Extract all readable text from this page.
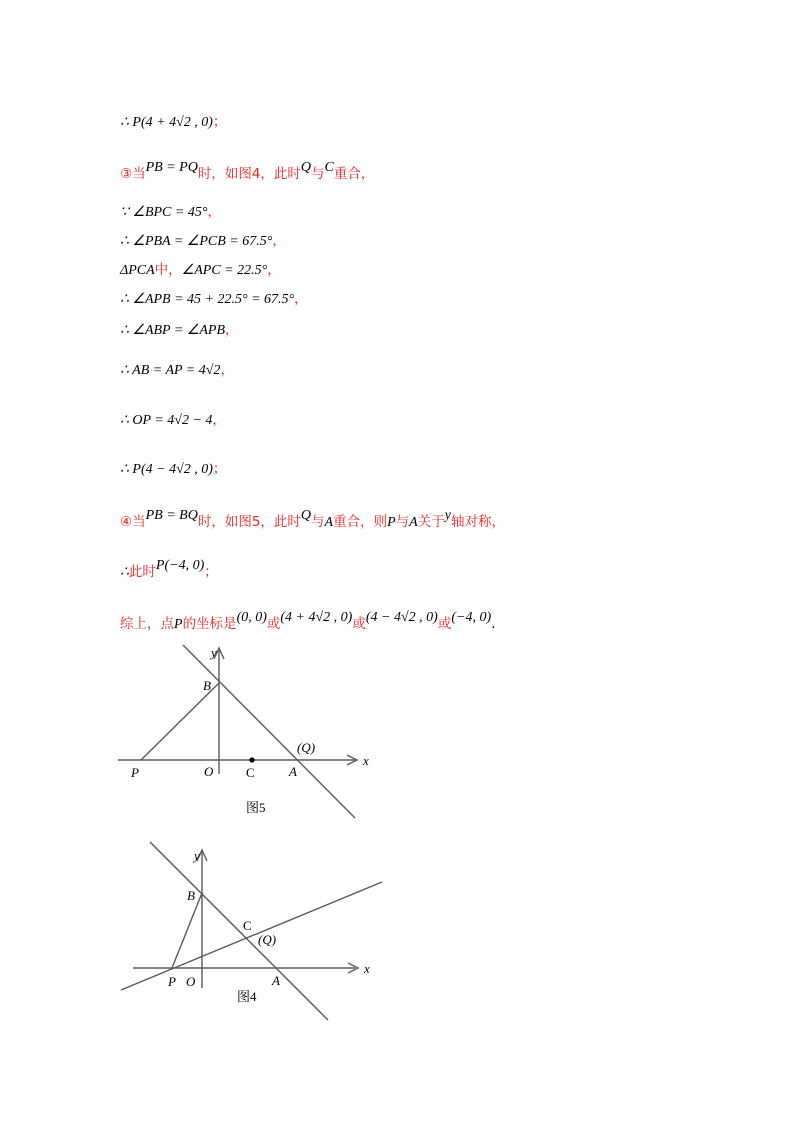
∴ P(4 + 4√2 , 0)；
③当PB = PQ时，如图4，此时Q与C重合，
∵ ∠BPC = 45°，
∴ ∠PBA = ∠PCB = 67.5°，
ΔPCA中，∠APC = 22.5°，
∴ ∠APB = 45 + 22.5° = 67.5°，
∴ ∠ABP = ∠APB，
∴ AB = AP = 4√2，
∴ OP = 4√2 − 4，
∴ P(4 − 4√2 , 0)；
④当PB = BQ时，如图5，此时Q与A重合，则P与A关于y轴对称，
∴此时P(−4, 0)；
综上，点P的坐标是(0, 0)或(4 + 4√2 , 0)或(4 − 4√2 , 0)或(−4, 0).
y
x
B
P	O	C	A
(Q)
图5
y
x
B
C
(Q)
P O	A
图4
